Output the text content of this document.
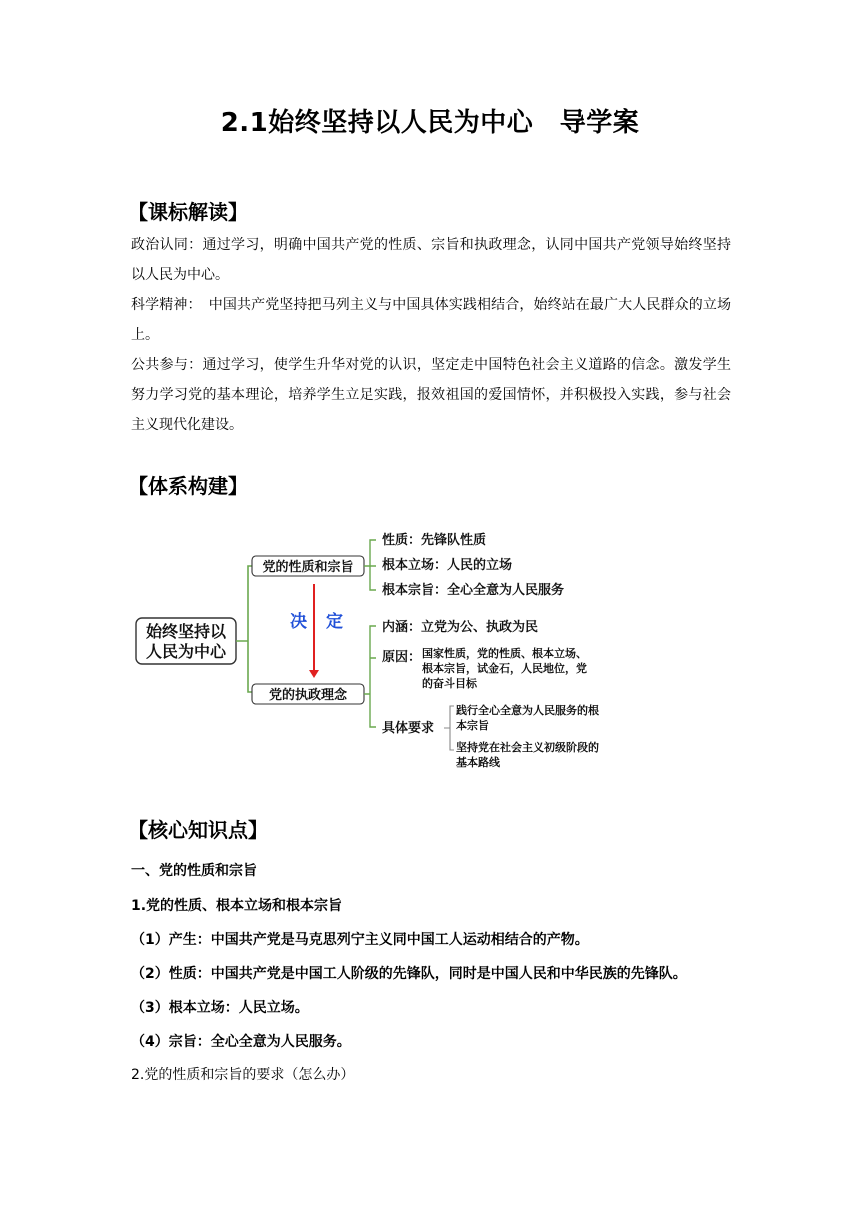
2.1始终坚持以人民为中心　导学案
【课标解读】

政治认同：通过学习，明确中国共产党的性质、宗旨和执政理念，认同中国共产党领导始终坚持以人民为中心。

科学精神：　中国共产党坚持把马列主义与中国具体实践相结合，始终站在最广大人民群众的立场上。

公共参与：通过学习，使学生升华对党的认识，坚定走中国特色社会主义道路的信念。激发学生努力学习党的基本理论，培养学生立足实践，报效祖国的爱国情怀，并积极投入实践，参与社会主义现代化建设。

【体系构建】
始终坚持以
人民为中心
党的性质和宗旨
党的执政理念
决 定
性质：先锋队性质
根本立场：人民的立场
根本宗旨：全心全意为人民服务
内涵：立党为公、执政为民
原因： 国家性质，党的性质、根本立场、
根本宗旨，试金石，人民地位，党
的奋斗目标
具体要求
践行全心全意为人民服务的根
本宗旨
坚持党在社会主义初级阶段的
基本路线
【核心知识点】
一、党的性质和宗旨
1.党的性质、根本立场和根本宗旨
（1）产生：中国共产党是马克思列宁主义同中国工人运动相结合的产物。
（2）性质：中国共产党是中国工人阶级的先锋队，同时是中国人民和中华民族的先锋队。
（3）根本立场：人民立场。
（4）宗旨：全心全意为人民服务。
2.党的性质和宗旨的要求（怎么办）
